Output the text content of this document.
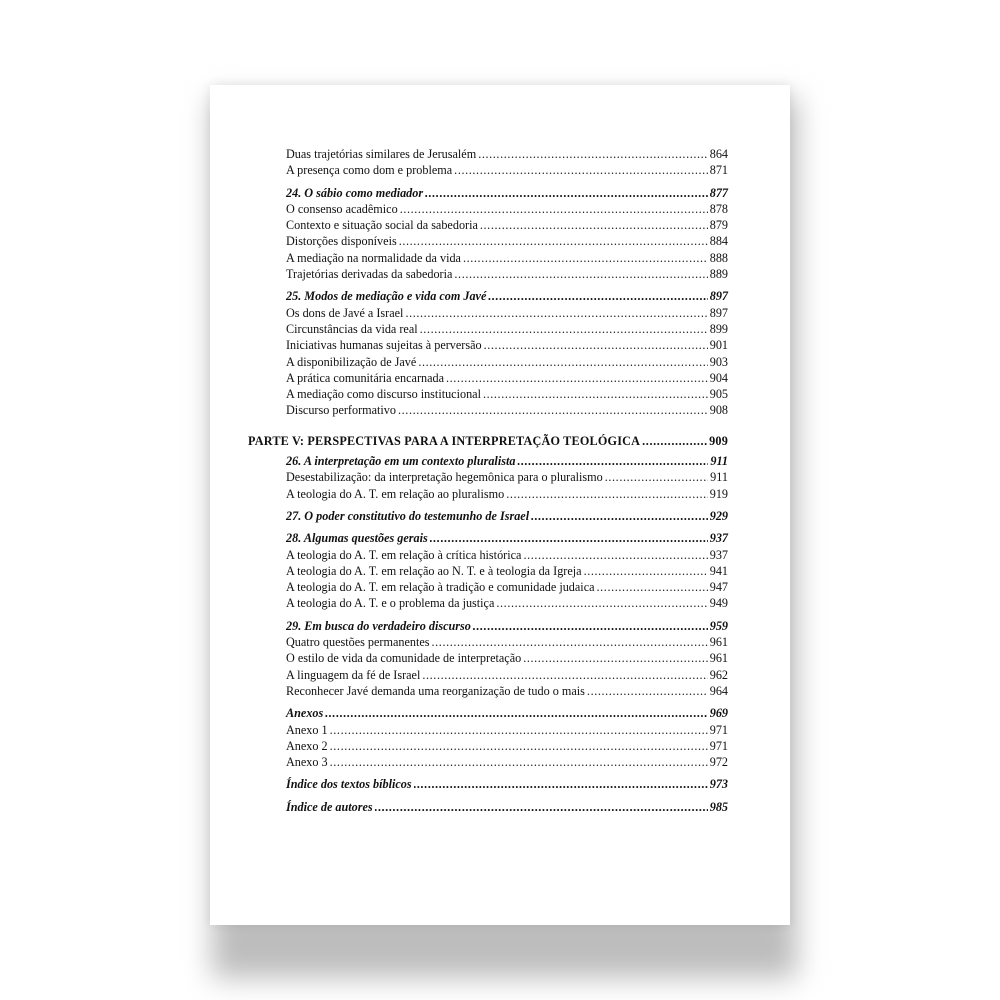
Duas trajetórias similares de Jerusalém .....	864
A presença como dom e problema .....	871
24. O sábio como mediador .....	877
O consenso acadêmico .....	878
Contexto e situação social da sabedoria .....	879
Distorções disponíveis .....	884
A mediação na normalidade da vida .....	888
Trajetórias derivadas da sabedoria .....	889
25. Modos de mediação e vida com Javé .....	897
Os dons de Javé a Israel .....	897
Circunstâncias da vida real .....	899
Iniciativas humanas sujeitas à perversão .....	901
A disponibilização de Javé .....	903
A prática comunitária encarnada .....	904
A mediação como discurso institucional .....	905
Discurso performativo .....	908
PARTE V: PERSPECTIVAS PARA A INTERPRETAÇÃO TEOLÓGICA .....	909
26. A interpretação em um contexto pluralista .....	911
Desestabilização: da interpretação hegemônica para o pluralismo .....	911
A teologia do A. T. em relação ao pluralismo .....	919
27. O poder constitutivo do testemunho de Israel .....	929
28. Algumas questões gerais .....	937
A teologia do A. T. em relação à crítica histórica .....	937
A teologia do A. T. em relação ao N. T. e à teologia da Igreja .....	941
A teologia do A. T. em relação à tradição e comunidade judaica .....	947
A teologia do A. T. e o problema da justiça .....	949
29. Em busca do verdadeiro discurso .....	959
Quatro questões permanentes .....	961
O estilo de vida da comunidade de interpretação .....	961
A linguagem da fé de Israel .....	962
Reconhecer Javé demanda uma reorganização de tudo o mais .....	964
Anexos .....	969
Anexo 1 .....	971
Anexo 2 .....	971
Anexo 3 .....	972
Índice dos textos bíblicos .....	973
Índice de autores .....	985
